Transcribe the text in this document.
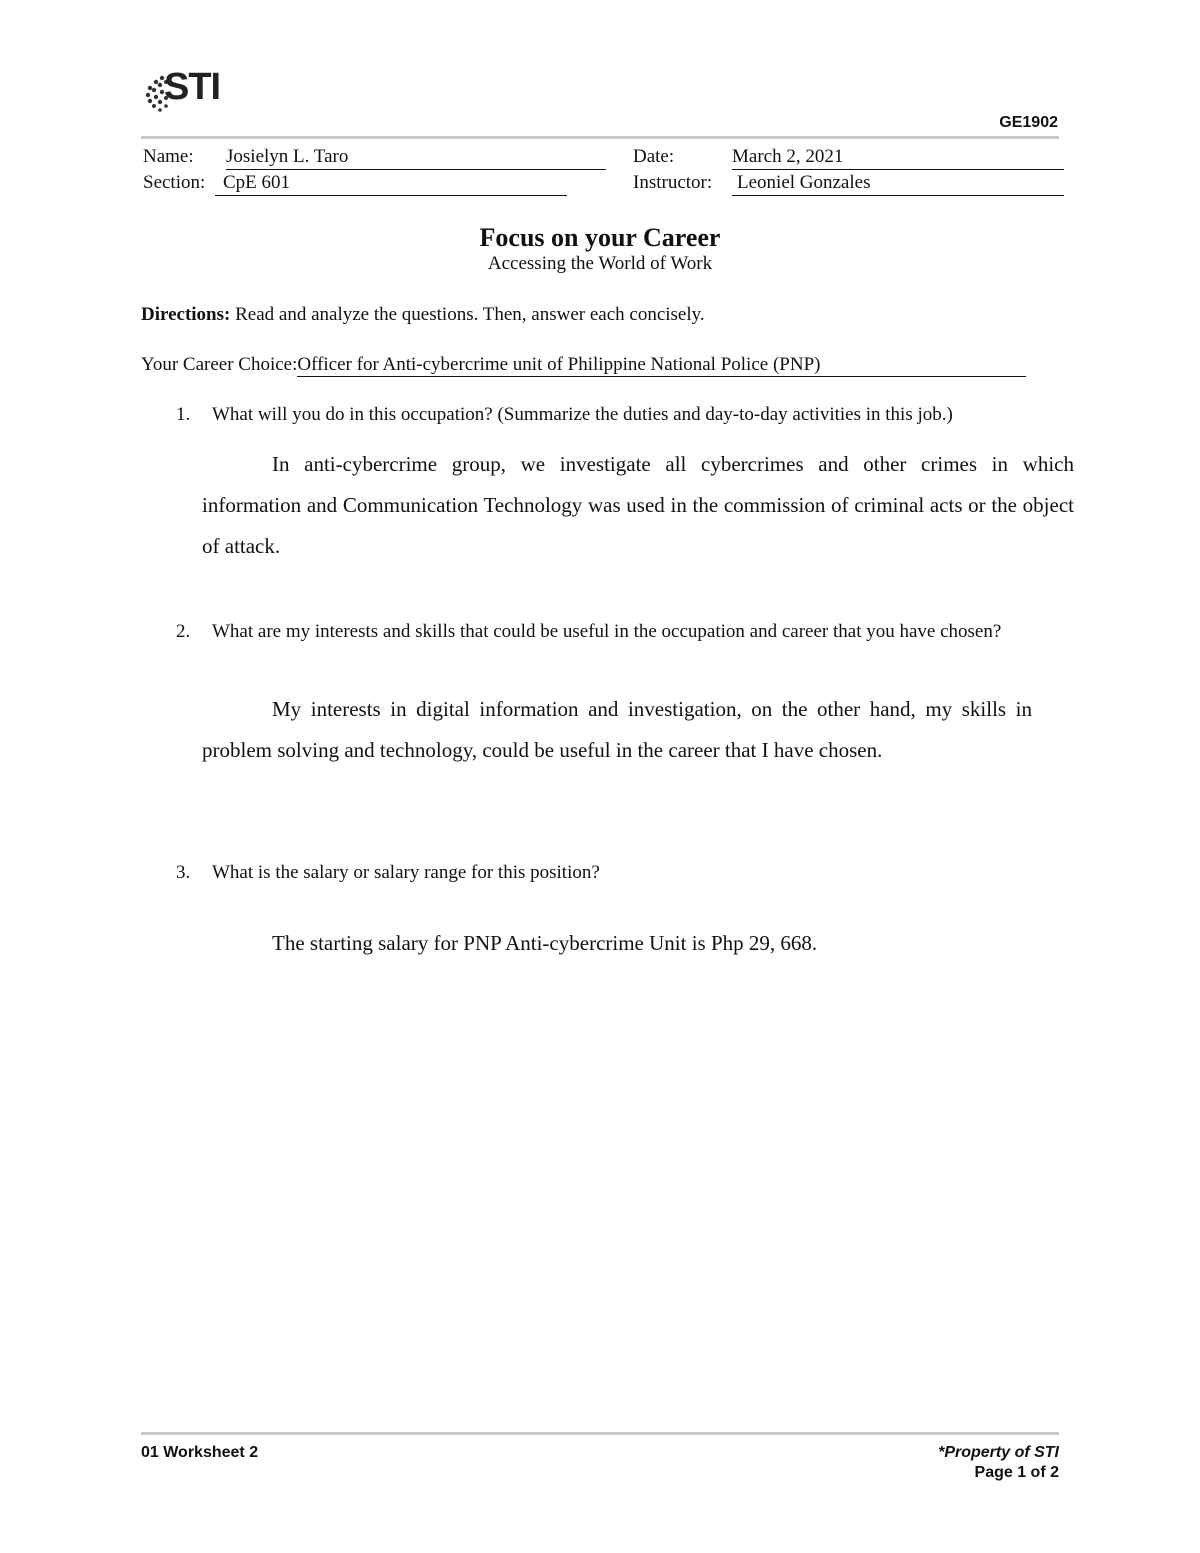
STI
GE1902
Name: Josielyn L. Taro	Date:	March 2, 2021
Section: CpE 601	Instructor: Leoniel Gonzales
Focus on your Career
Accessing the World of Work
Directions: Read and analyze the questions. Then, answer each concisely.
Your Career Choice:Officer for Anti-cybercrime unit of Philippine National Police (PNP)
1. What will you do in this occupation? (Summarize the duties and day-to-day activities in this job.)
In anti-cybercrime group, we investigate all cybercrimes and other crimes in which information and Communication Technology was used in the commission of criminal acts or the object of attack.
2. What are my interests and skills that could be useful in the occupation and career that you have chosen?
My interests in digital information and investigation, on the other hand, my skills in problem solving and technology, could be useful in the career that I have chosen.
3. What is the salary or salary range for this position?
The starting salary for PNP Anti-cybercrime Unit is Php 29, 668.
01 Worksheet 2	*Property of STI
Page 1 of 2
